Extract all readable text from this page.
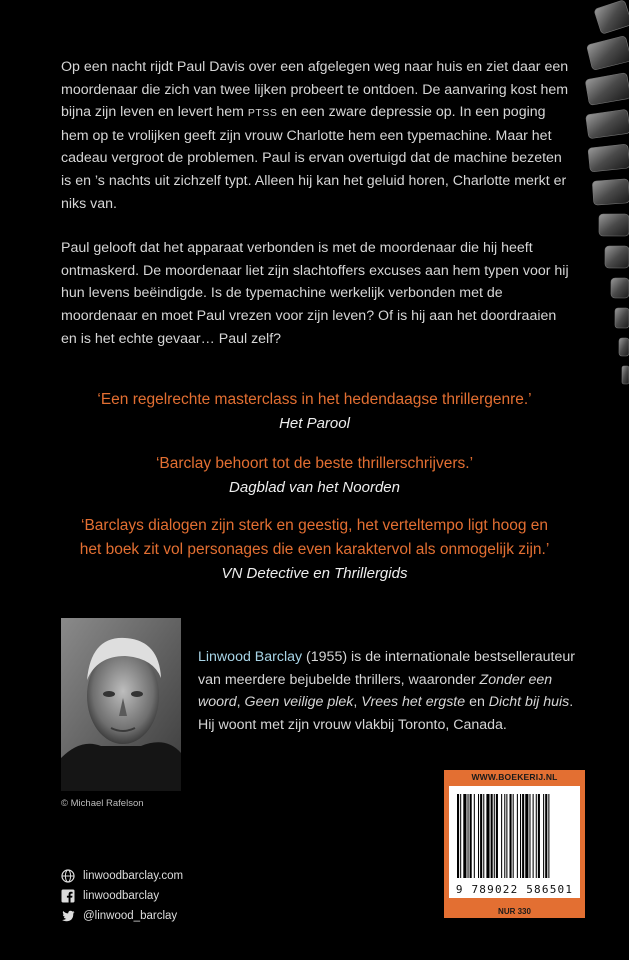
Op een nacht rijdt Paul Davis over een afgelegen weg naar huis en ziet daar een moordenaar die zich van twee lijken probeert te ontdoen. De aanvaring kost hem bijna zijn leven en levert hem PTSS en een zware depressie op. In een poging hem op te vrolijken geeft zijn vrouw Charlotte hem een typemachine. Maar het cadeau vergroot de problemen. Paul is ervan overtuigd dat de machine bezeten is en ’s nachts uit zichzelf typt. Alleen hij kan het geluid horen, Charlotte merkt er niks van.

Paul gelooft dat het apparaat verbonden is met de moordenaar die hij heeft ontmaskerd. De moordenaar liet zijn slachtoffers excuses aan hem typen voor hij hun levens beëindigde. Is de typemachine werkelijk verbonden met de moordenaar en moet Paul vrezen voor zijn leven? Of is hij aan het doordraaien en is het echte gevaar… Paul zelf?

‘Een regelrechte masterclass in het hedendaagse thrillergenre.’
Het Parool
‘Barclay behoort tot de beste thrillerschrijvers.’
Dagblad van het Noorden
‘Barclays dialogen zijn sterk en geestig, het verteltempo ligt hoog en het boek zit vol personages die even karaktervol als onmogelijk zijn.’ VN Detective en Thrillergids
© Michael Rafelson
Linwood Barclay (1955) is de internationale bestsellerauteur van meerdere bejubelde thrillers, waaronder Zonder een woord, Geen veilige plek, Vrees het ergste en Dicht bij huis. Hij woont met zijn vrouw vlakbij Toronto, Canada.
linwoodbarclay.com
linwoodbarclay
@linwood_barclay
WWW.BOEKERIJ.NL
9 789022 586501
NUR 330
